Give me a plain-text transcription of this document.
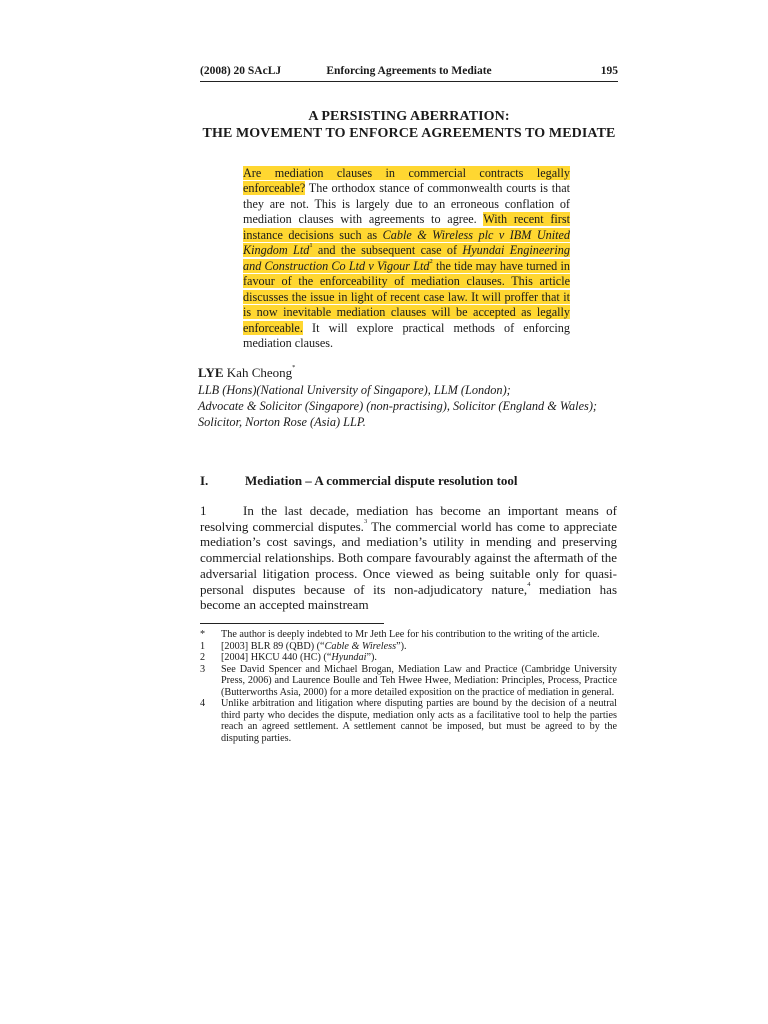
(2008) 20 SAcLJ	Enforcing Agreements to Mediate	195
A PERSISTING ABERRATION:
THE MOVEMENT TO ENFORCE AGREEMENTS TO MEDIATE
Are mediation clauses in commercial contracts legally enforceable? The orthodox stance of commonwealth courts is that they are not. This is largely due to an erroneous conflation of mediation clauses with agreements to agree. With recent first instance decisions such as Cable & Wireless plc v IBM United Kingdom Ltd$^1$ and the subsequent case of Hyundai Engineering and Construction Co Ltd v Vigour Ltd$^2$ the tide may have turned in favour of the enforceability of mediation clauses. This article discusses the issue in light of recent case law. It will proffer that it is now inevitable mediation clauses will be accepted as legally enforceable. It will explore practical methods of enforcing mediation clauses.
LYE Kah Cheong*
LLB (Hons)(National University of Singapore), LLM (London);
Advocate & Solicitor (Singapore) (non-practising), Solicitor (England & Wales);
Solicitor, Norton Rose (Asia) LLP.
I.	Mediation – A commercial dispute resolution tool
1	In the last decade, mediation has become an important means of resolving commercial disputes.$^3$ The commercial world has come to appreciate mediation’s cost savings, and mediation’s utility in mending and preserving commercial relationships. Both compare favourably against the aftermath of the adversarial litigation process. Once viewed as being suitable only for quasi-personal disputes because of its non-adjudicatory nature,$^4$ mediation has become an accepted mainstream
* The author is deeply indebted to Mr Jeth Lee for his contribution to the writing of the article.
1 [2003] BLR 89 (QBD) (“Cable & Wireless”).
2 [2004] HKCU 440 (HC) (“Hyundai”).
3 See David Spencer and Michael Brogan, Mediation Law and Practice (Cambridge University Press, 2006) and Laurence Boulle and Teh Hwee Hwee, Mediation: Principles, Process, Practice (Butterworths Asia, 2000) for a more detailed exposition on the practice of mediation in general.
4 Unlike arbitration and litigation where disputing parties are bound by the decision of a neutral third party who decides the dispute, mediation only acts as a facilitative tool to help the parties reach an agreed settlement. A settlement cannot be imposed, but must be agreed to by the disputing parties.
